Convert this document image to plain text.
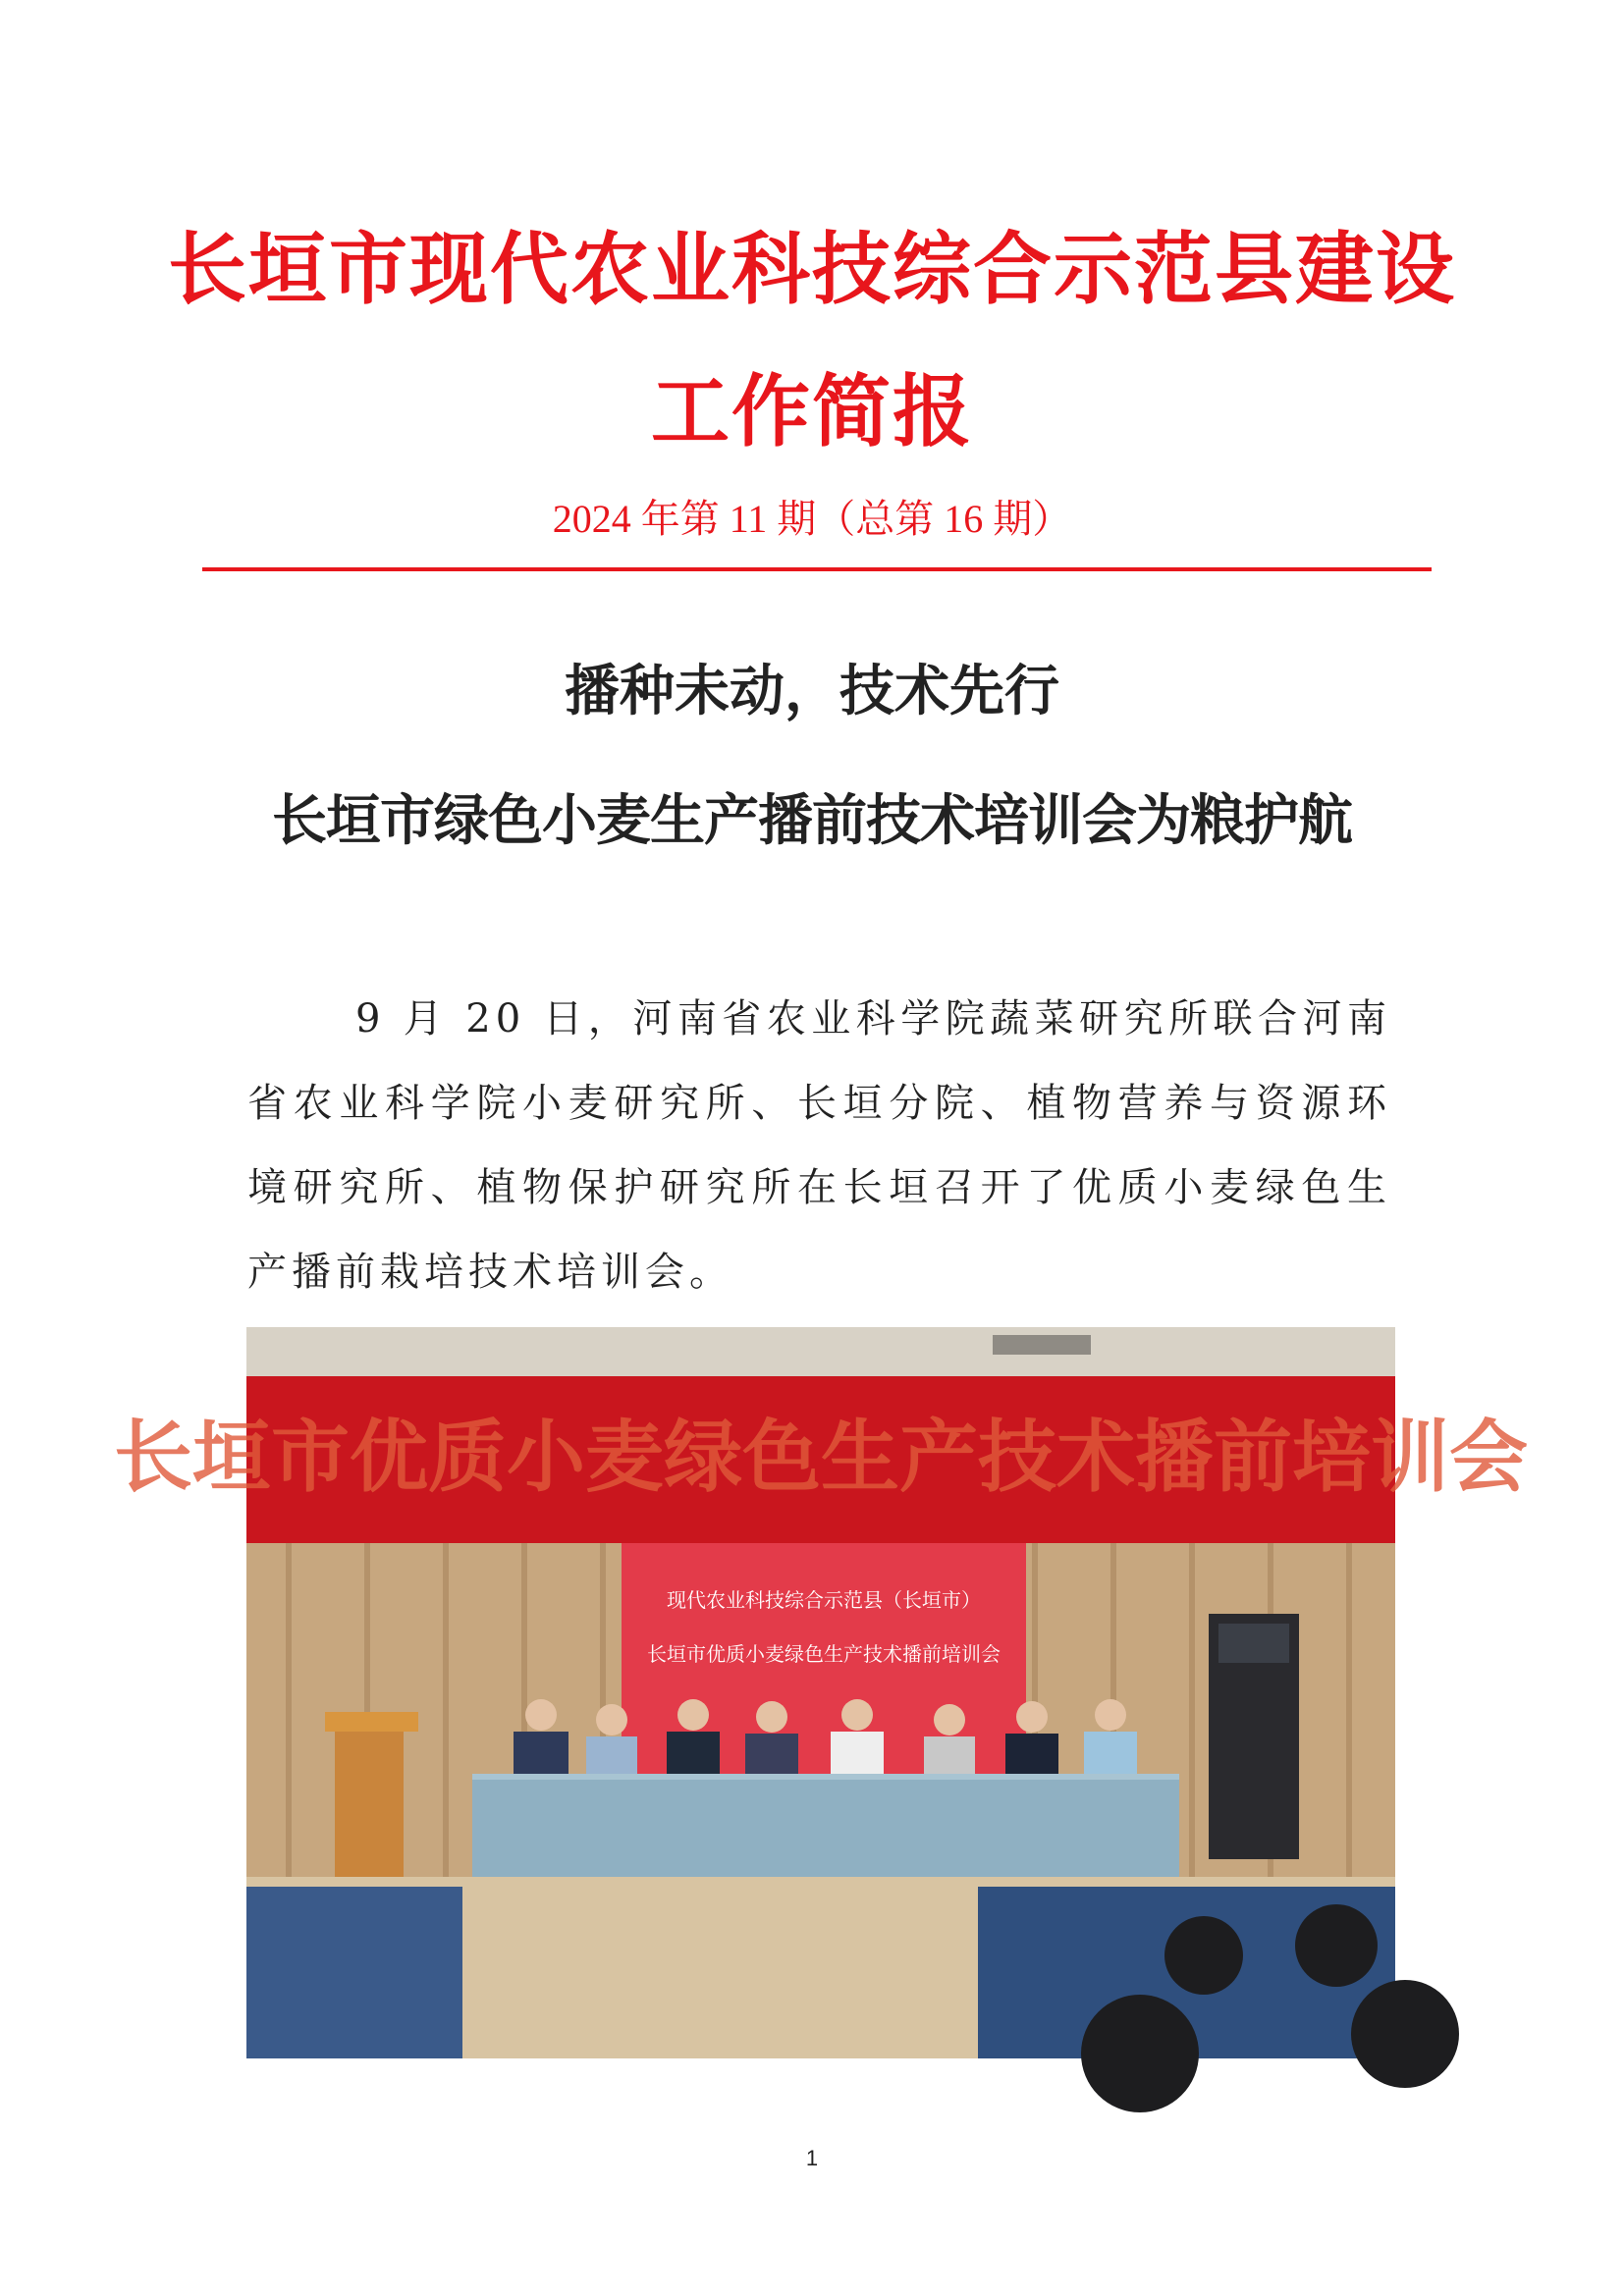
长垣市现代农业科技综合示范县建设
工作简报
2024 年第 11 期（总第 16 期）
播种未动，技术先行
长垣市绿色小麦生产播前技术培训会为粮护航

9 月 20 日，河南省农业科学院蔬菜研究所联合河南省农业科学院小麦研究所、长垣分院、植物营养与资源环境研究所、植物保护研究所在长垣召开了优质小麦绿色生产播前栽培技术培训会。

长垣市优质小麦绿色生产技术播前培训会
现代农业科技综合示范县（长垣市）
长垣市优质小麦绿色生产技术播前培训会
1
